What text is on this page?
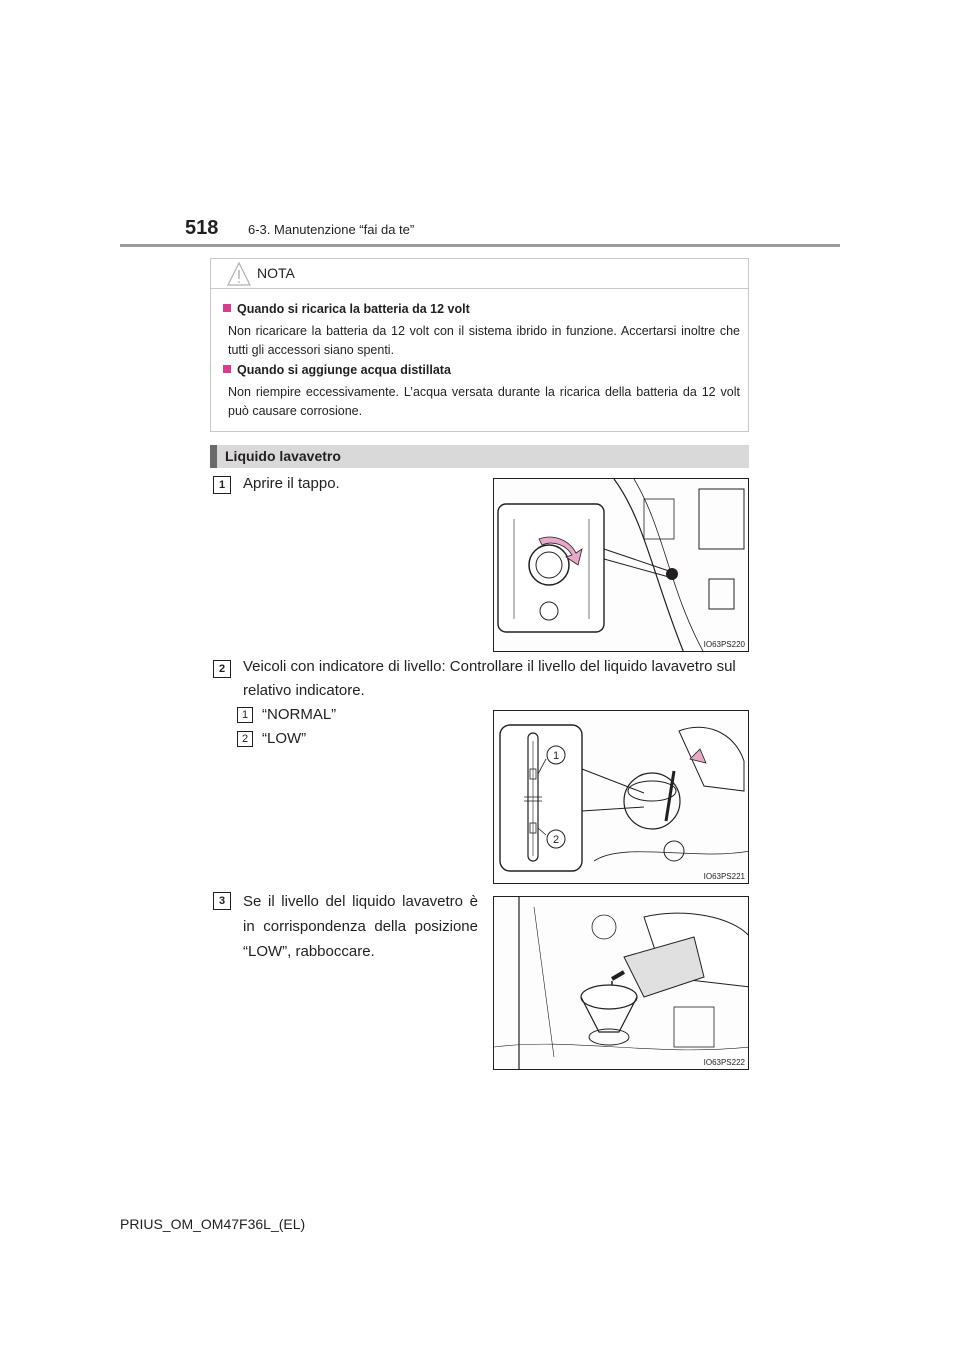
518 6-3. Manutenzione “fai da te”
NOTA
Quando si ricarica la batteria da 12 volt
Non ricaricare la batteria da 12 volt con il sistema ibrido in funzione. Accertarsi inoltre che tutti gli accessori siano spenti.
Quando si aggiunge acqua distillata
Non riempire eccessivamente. L’acqua versata durante la ricarica della batteria da 12 volt può causare corrosione.
Liquido lavavetro
1	Aprire il tappo.
IO63PS220
2	Veicoli con indicatore di livello: Controllare il livello del liquido lavavetro sul relativo indicatore.
1 “NORMAL”
2 “LOW”
1
2
IO63PS221
3	Se il livello del liquido lavavetro è in corrispondenza della posizione “LOW”, rabboccare.
IO63PS222
PRIUS_OM_OM47F36L_(EL)
